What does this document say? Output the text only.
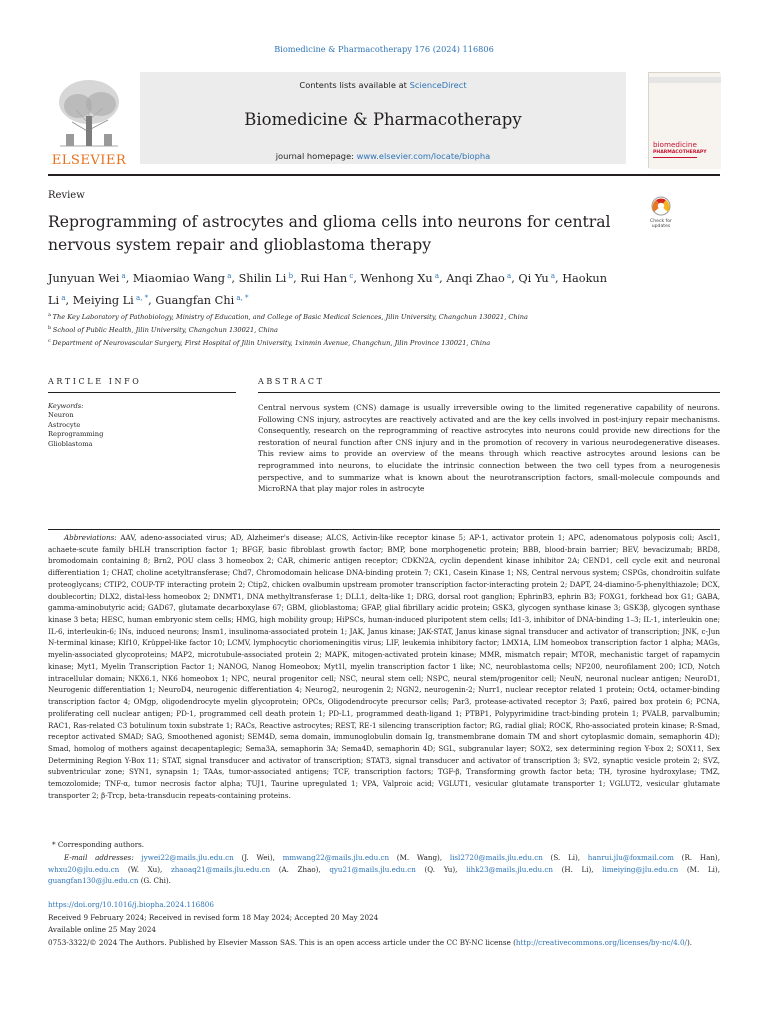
Biomedicine & Pharmacotherapy 176 (2024) 116806
ELSEVIER
Contents lists available at ScienceDirect
Biomedicine & Pharmacotherapy
journal homepage: www.elsevier.com/locate/biopha
biomedicine
PHARMACOTHERAPY
Review
Check for
updates
Reprogramming of astrocytes and glioma cells into neurons for central nervous system repair and glioblastoma therapy
Junyuan Wei $^a$, Miaomiao Wang $^a$, Shilin Li $^b$, Rui Han $^c$, Wenhong Xu $^a$, Anqi Zhao $^a$, Qi Yu $^a$, Haokun Li $^a$, Meiying Li $^{a, *}$, Guangfan Chi $^{a, *}$
$^a$ The Key Laboratory of Pathobiology, Ministry of Education, and College of Basic Medical Sciences, Jilin University, Changchun 130021, China
$^b$ School of Public Health, Jilin University, Changchun 130021, China
$^c$ Department of Neurovascular Surgery, First Hospital of Jilin University, 1xinmin Avenue, Changchun, Jilin Province 130021, China
ARTICLE INFO	ABSTRACT
Keywords:
Neuron
Astrocyte
Reprogramming
Glioblastoma
Central nervous system (CNS) damage is usually irreversible owing to the limited regenerative capability of neurons. Following CNS injury, astrocytes are reactively activated and are the key cells involved in post-injury repair mechanisms. Consequently, research on the reprogramming of reactive astrocytes into neurons could provide new directions for the restoration of neural function after CNS injury and in the promotion of recovery in various neurodegenerative diseases. This review aims to provide an overview of the means through which reactive astrocytes around lesions can be reprogrammed into neurons, to elucidate the intrinsic connection between the two cell types from a neurogenesis perspective, and to summarize what is known about the neurotranscription factors, small-molecule compounds and MicroRNA that play major roles in astrocyte
Abbreviations: AAV, adeno-associated virus; AD, Alzheimer's disease; ALCS, Activin-like receptor kinase 5; AP-1, activator protein 1; APC, adenomatous polyposis coli; Ascl1, achaete-scute family bHLH transcription factor 1; BFGF, basic fibroblast growth factor; BMP, bone morphogenetic protein; BBB, blood-brain barrier; BEV, bevacizumab; BRD8, bromodomain containing 8; Brn2, POU class 3 homeobox 2; CAR, chimeric antigen receptor; CDKN2A, cyclin dependent kinase inhibitor 2A; CEND1, cell cycle exit and neuronal differentiation 1; CHAT, choline acetyltransferase; Chd7, Chromodomain helicase DNA-binding protein 7; CK1, Casein Kinase 1; NS, Central nervous system; CSPGs, chondroitin sulfate proteoglycans; CTIP2, COUP-TF interacting protein 2; Ctip2, chicken ovalbumin upstream promoter transcription factor-interacting protein 2; DAPT, 24-diamino-5-phenylthiazole; DCX, doublecortin; DLX2, distal-less homeobox 2; DNMT1, DNA methyltransferase 1; DLL1, delta-like 1; DRG, dorsal root ganglion; EphrinB3, ephrin B3; FOXG1, forkhead box G1; GABA, gamma-aminobutyric acid; GAD67, glutamate decarboxylase 67; GBM, glioblastoma; GFAP, glial fibrillary acidic protein; GSK3, glycogen synthase kinase 3; GSK3β, glycogen synthase kinase 3 beta; HESC, human embryonic stem cells; HMG, high mobility group; HiPSCs, human-induced pluripotent stem cells; Id1-3, inhibitor of DNA-binding 1–3; IL-1, interleukin one; IL-6, interleukin-6; INs, induced neurons; Insm1, insulinoma-associated protein 1; JAK, Janus kinase; JAK-STAT, Janus kinase signal transducer and activator of transcription; JNK, c-Jun N-terminal kinase; Klf10, Krüppel-like factor 10; LCMV, lymphocytic choriomeningitis virus; LIF, leukemia inhibitory factor; LMX1A, LIM homeobox transcription factor 1 alpha; MAGs, myelin-associated glycoproteins; MAP2, microtubule-associated protein 2; MAPK, mitogen-activated protein kinase; MMR, mismatch repair; MTOR, mechanistic target of rapamycin kinase; Myt1, Myelin Transcription Factor 1; NANOG, Nanog Homeobox; Myt1l, myelin transcription factor 1 like; NC, neuroblastoma cells; NF200, neurofilament 200; ICD, Notch intracellular domain; NKX6.1, NK6 homeobox 1; NPC, neural progenitor cell; NSC, neural stem cell; NSPC, neural stem/progenitor cell; NeuN, neuronal nuclear antigen; NeuroD1, Neurogenic differentiation 1; NeuroD4, neurogenic differentiation 4; Neurog2, neurogenin 2; NGN2, neurogenin-2; Nurr1, nuclear receptor related 1 protein; Oct4, octamer-binding transcription factor 4; OMgp, oligodendrocyte myelin glycoprotein; OPCs, Oligodendrocyte precursor cells; Par3, protease-activated receptor 3; Pax6, paired box protein 6; PCNA, proliferating cell nuclear antigen; PD-1, programmed cell death protein 1; PD-L1, programmed death-ligand 1; PTBP1, Polypyrimidine tract-binding protein 1; PVALB, parvalbumin; RAC1, Ras-related C3 botulinum toxin substrate 1; RACs, Reactive astrocytes; REST, RE-1 silencing transcription factor; RG, radial glial; ROCK, Rho-associated protein kinase; R-Smad, receptor activated SMAD; SAG, Smoothened agonist; SEM4D, sema domain, immunoglobulin domain Ig, transmembrane domain TM and short cytoplasmic domain, semaphorin 4D); Smad, homolog of mothers against decapentaplegic; Sema3A, semaphorin 3A; Sema4D, semaphorin 4D; SGL, subgranular layer; SOX2, sex determining region Y-box 2; SOX11, Sex Determining Region Y-Box 11; STAT, signal transducer and activator of transcription; STAT3, signal transducer and activator of transcription 3; SV2, synaptic vesicle protein 2; SVZ, subventricular zone; SYN1, synapsin 1; TAAs, tumor-associated antigens; TCF, transcription factors; TGF-β, Transforming growth factor beta; TH, tyrosine hydroxylase; TMZ, temozolomide; TNF-α, tumor necrosis factor alpha; TUJ1, Taurine upregulated 1; VPA, Valproic acid; VGLUT1, vesicular glutamate transporter 1; VGLUT2, vesicular glutamate transporter 2; β-Trcp, beta-transducin repeats-containing proteins.
* Corresponding authors.
E-mail addresses: jywei22@mails.jlu.edu.cn (J. Wei), mmwang22@mails.jlu.edu.cn (M. Wang), lisl2720@mails.jlu.edu.cn (S. Li), hanrui.jlu@foxmail.com (R. Han), whxu20@jlu.edu.cn (W. Xu), zhaoaq21@mails.jlu.edu.cn (A. Zhao), qyu21@mails.jlu.edu.cn (Q. Yu), lihk23@mails.jlu.edu.cn (H. Li), limeiying@jlu.edu.cn (M. Li), guangfan130@jlu.edu.cn (G. Chi).
https://doi.org/10.1016/j.biopha.2024.116806
Received 9 February 2024; Received in revised form 18 May 2024; Accepted 20 May 2024
Available online 25 May 2024
0753-3322/© 2024 The Authors. Published by Elsevier Masson SAS. This is an open access article under the CC BY-NC license (http://creativecommons.org/licenses/by-nc/4.0/).
